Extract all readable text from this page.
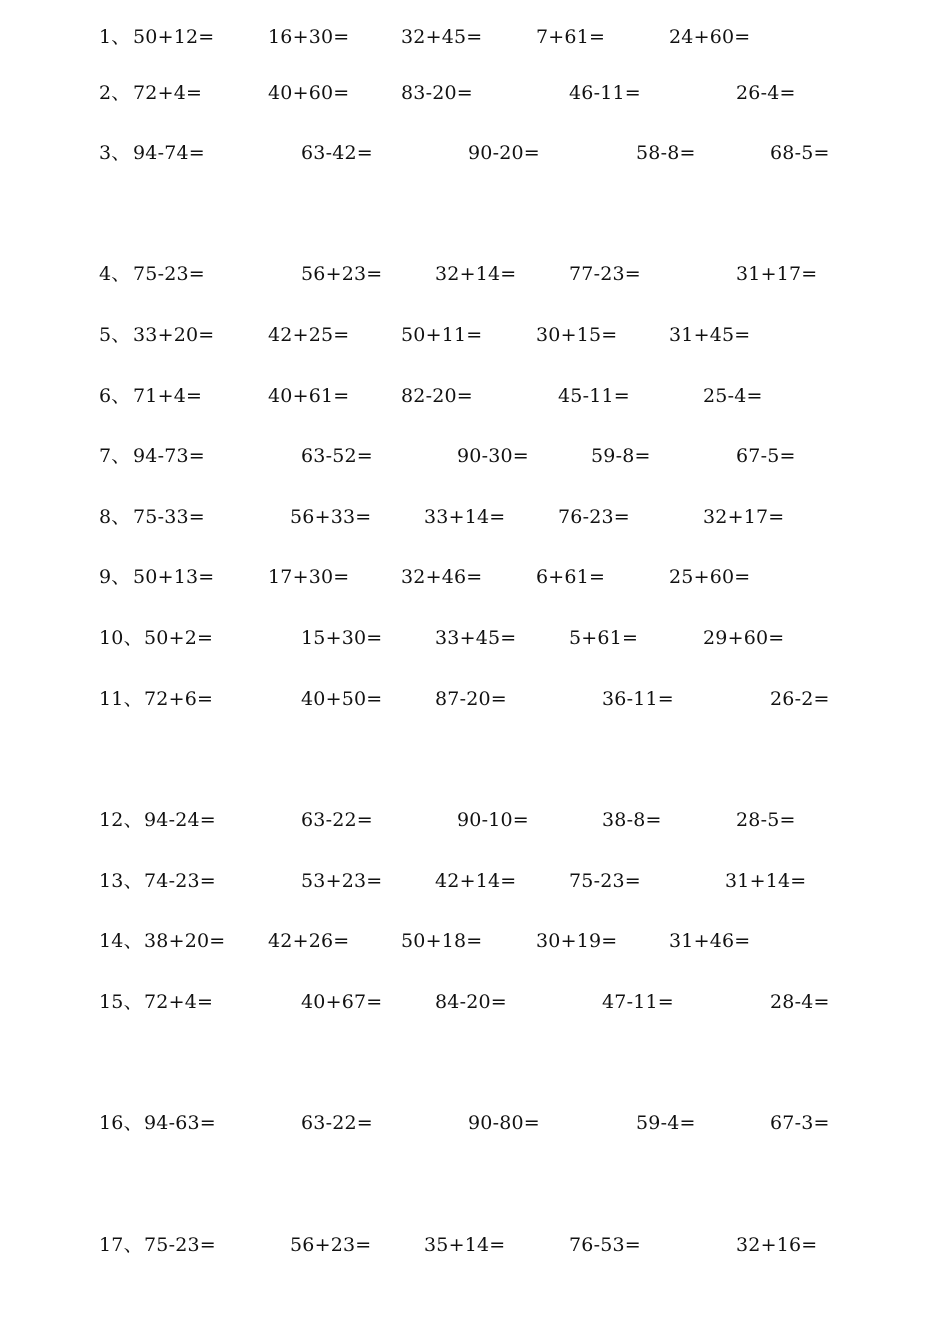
1、 50+12=	16+30=	32+45=	7+61=	24+60=
2、 72+4=	40+60=	83-20=	46-11=	26-4=
3、 94-74=	63-42=	90-20=	58-8=	68-5=
4、 75-23=	56+23=	32+14=	77-23=	31+17=
5、 33+20=	42+25=	50+11=	30+15=	31+45=
6、 71+4=	40+61=	82-20=	45-11=	25-4=
7、 94-73=	63-52=	90-30=	59-8=	67-5=
8、 75-33=	56+33=	33+14=	76-23=	32+17=
9、 50+13=	17+30=	32+46=	6+61=	25+60=
10、 50+2=	15+30=	33+45=	5+61=	29+60=
11、 72+6=	40+50=	87-20=	36-11=	26-2=
12、 94-24=	63-22=	90-10=	38-8=	28-5=
13、 74-23=	53+23=	42+14=	75-23=	31+14=
14、 38+20= 42+26=	50+18=	30+19=	31+46=
15、 72+4=	40+67=	84-20=	47-11=	28-4=
16、 94-63=	63-22=	90-80=	59-4=	67-3=
17、 75-23=	56+23=	35+14=	76-53=	32+16=
